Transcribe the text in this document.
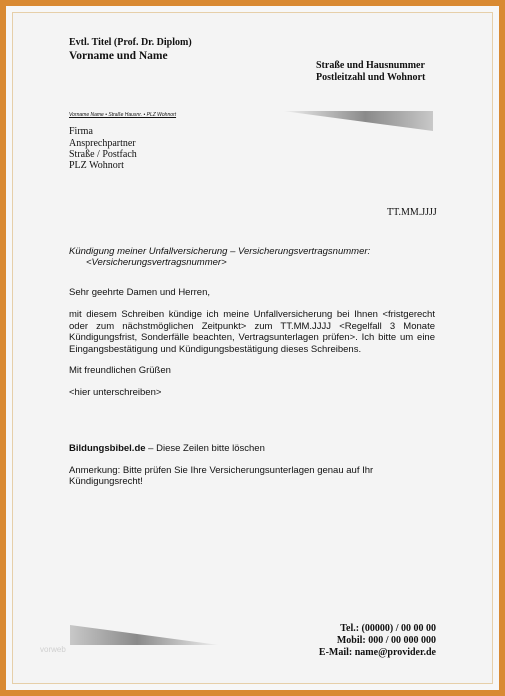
Evtl. Titel (Prof. Dr. Diplom)
Vorname und Name
Straße und Hausnummer
Postleitzahl und Wohnort
Vorname Name • Straße Hausnr. • PLZ Wohnort
Firma
Ansprechpartner
Straße / Postfach
PLZ Wohnort
TT.MM.JJJJ
Kündigung meiner Unfallversicherung – Versicherungsvertragsnummer:
<Versicherungsvertragsnummer>
Sehr geehrte Damen und Herren,
mit diesem Schreiben kündige ich meine Unfallversicherung bei Ihnen <fristgerecht
oder zum nächstmöglichen Zeitpunkt> zum TT.MM.JJJJ <Regelfall 3 Monate
Kündigungsfrist, Sonderfälle beachten, Vertragsunterlagen prüfen>. Ich bitte um eine
Eingangsbestätigung und Kündigungsbestätigung dieses Schreibens.
Mit freundlichen Grüßen
<hier unterschreiben>
Bildungsbibel.de – Diese Zeilen bitte löschen
Anmerkung: Bitte prüfen Sie Ihre Versicherungsunterlagen genau auf Ihr
Kündigungsrecht!
vorweb
Tel.: (00000) / 00 00 00
Mobil: 000 / 00 000 000
E-Mail: name@provider.de
